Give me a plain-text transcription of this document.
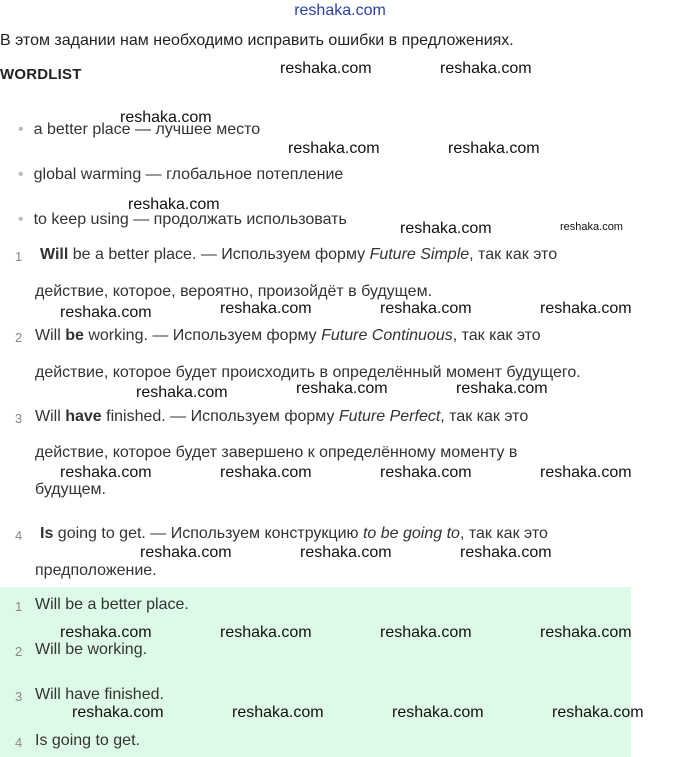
reshaka.com
В этом задании нам необходимо исправить ошибки в предложениях.
WORDLIST
• a better place — лучшее место
• global warming — глобальное потепление
• to keep using — продолжать использовать
1 Will be a better place. — Используем форму Future Simple, так как это
действие, которое, вероятно, произойдёт в будущем.
2 Will be working. — Используем форму Future Continuous, так как это
действие, которое будет происходить в определённый момент будущего.
3 Will have finished. — Используем форму Future Perfect, так как это
действие, которое будет завершено к определённому моменту в
будущем.
4 Is going to get. — Используем конструкцию to be going to, так как это
предположение.
1 Will be a better place.
2 Will be working.
3 Will have finished.
4 Is going to get.
reshaka.com	reshaka.com
reshaka.com
reshaka.com	reshaka.com
reshaka.com
reshaka.com	reshaka.com
reshaka.com	reshaka.com	reshaka.com	reshaka.com
reshaka.com	reshaka.com	reshaka.com
reshaka.com	reshaka.com	reshaka.com	reshaka.com
reshaka.com	reshaka.com	reshaka.com
reshaka.com	reshaka.com	reshaka.com	reshaka.com
reshaka.com	reshaka.com	reshaka.com	reshaka.com
